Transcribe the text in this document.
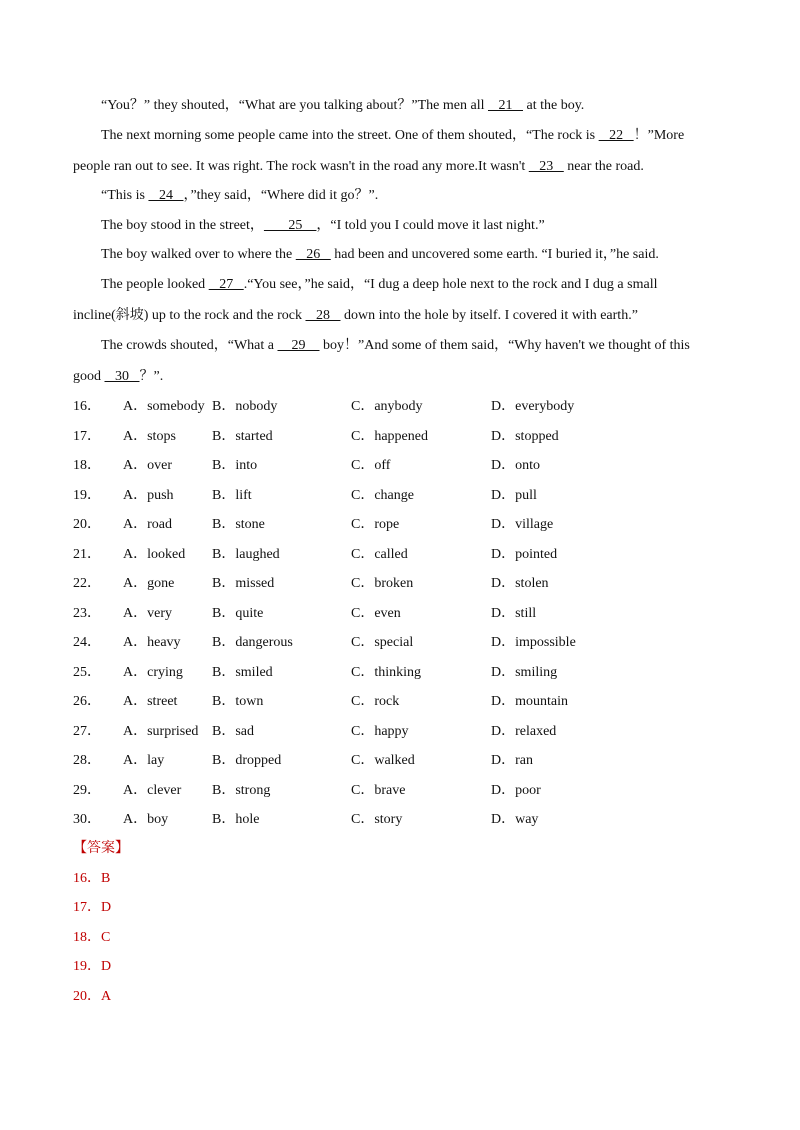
“You？” they shouted，“What are you talking about？”The men all    21    at the boy.
The next morning some people came into the street. One of them shouted，“The rock is    22   ！”More
people ran out to see. It was right. The rock wasn't in the road any more.It wasn't    23    near the road.
“This is    24   ，”they said，“Where did it go？”.
The boy stood in the street，       25    ，“I told you I could move it last night.”
The boy walked over to where the    26    had been and uncovered some earth. “I buried it，”he said.
The people looked    27   .“You see，”he said，“I dug a deep hole next to the rock and I dug a small
incline(斜坡) up to the rock and the rock    28    down into the hole by itself. I covered it with earth.”
The crowds shouted，“What a     29     boy！”And some of them said，“Why haven't we thought of this
good    30   ？”.
16． A．somebody B．nobody	C．anybody	D．everybody
17． A．stops	B．started	C．happened	D．stopped
18． A．over	B．into	C．off	D．onto
19． A．push	B．lift	C．change	D．pull
20． A．road	B．stone	C．rope	D．village
21． A．looked B．laughed	C．called	D．pointed
22． A．gone	B．missed	C．broken	D．stolen
23． A．very	B．quite	C．even	D．still
24． A．heavy B．dangerous	C．special	D．impossible
25． A．crying B．smiled	C．thinking	D．smiling
26． A．street B．town	C．rock	D．mountain
27． A．surprised B．sad	C．happy	D．relaxed
28． A．lay	B．dropped	C．walked	D．ran
29． A．clever B．strong	C．brave	D．poor
30． A．boy	B．hole	C．story	D．way
【答案】
16．B
17．D
18．C
19．D
20．A
